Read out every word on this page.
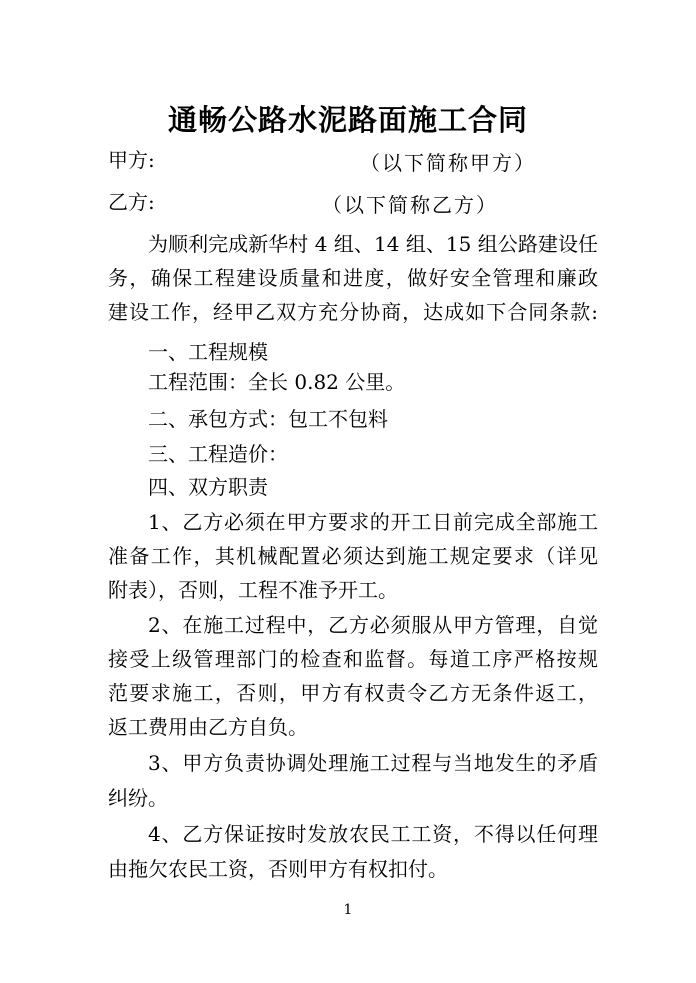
通畅公路水泥路面施工合同
甲方:	（以下简称甲方）
乙方:	（以下简称乙方）
为顺利完成新华村 4 组、14 组、15 组公路建设任
务，确保工程建设质量和进度，做好安全管理和廉政
建设工作，经甲乙双方充分协商，达成如下合同条款:
一、工程规模
工程范围：全长 0.82 公里。
二、承包方式：包工不包料
三、工程造价：
四、双方职责
1、乙方必须在甲方要求的开工日前完成全部施工
准备工作，其机械配置必须达到施工规定要求（详见
附表），否则，工程不准予开工。
2、在施工过程中，乙方必须服从甲方管理，自觉
接受上级管理部门的检查和监督。每道工序严格按规
范要求施工，否则，甲方有权责令乙方无条件返工，
返工费用由乙方自负。
3、甲方负责协调处理施工过程与当地发生的矛盾
纠纷。
4、乙方保证按时发放农民工工资，不得以任何理
由拖欠农民工资，否则甲方有权扣付。
1
